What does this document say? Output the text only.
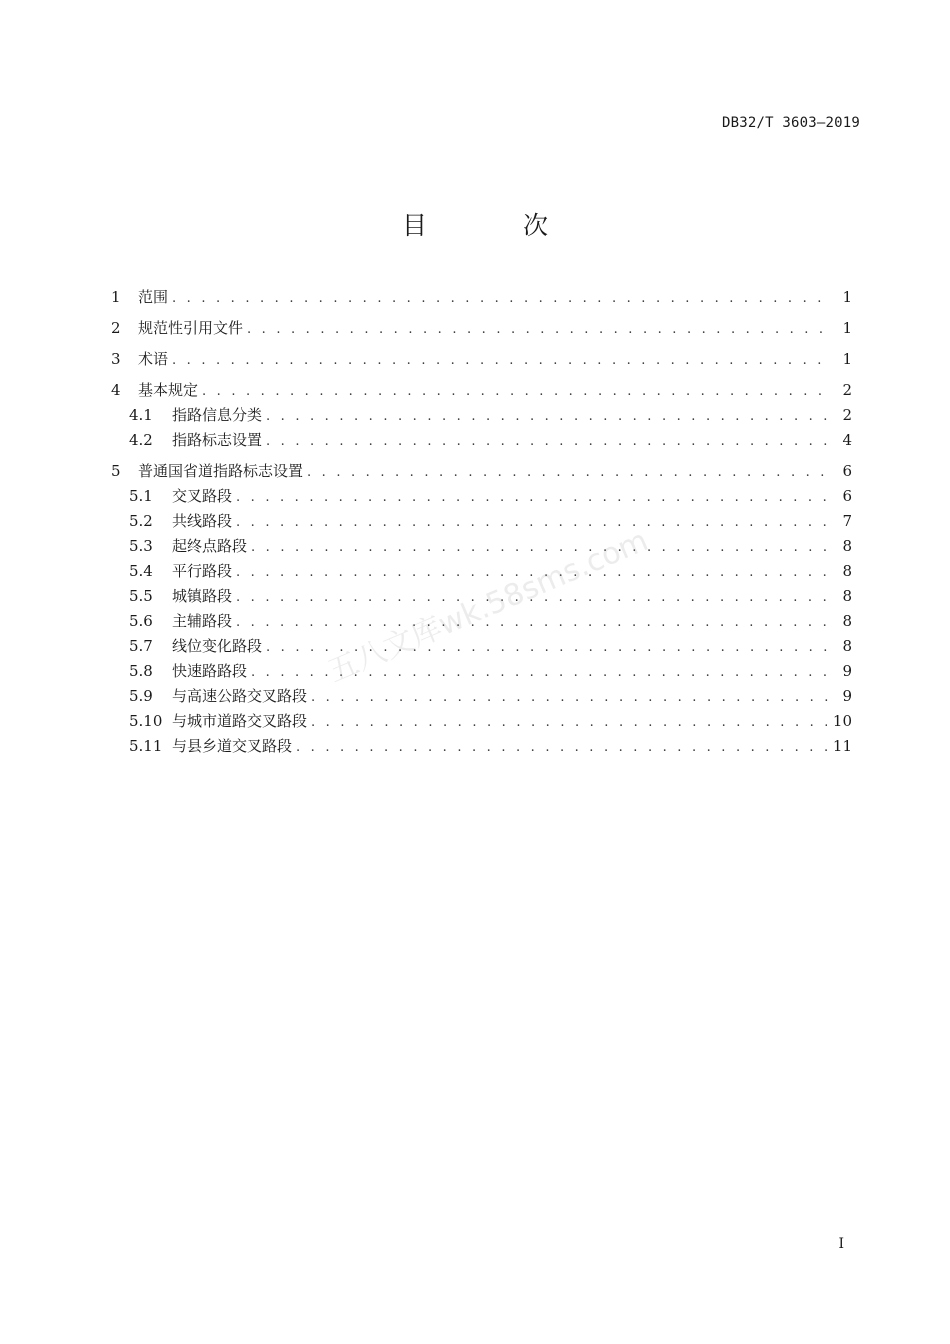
DB32/T 3603—2019
目 次
1	范围 . . .	1
2	规范性引用文件 . . .	1
3	术语 . . .	1
4	基本规定 . . .	2
4.1	指路信息分类 . . .	2
4.2	指路标志设置 . . .	4
5	普通国省道指路标志设置 . . .	6
5.1	交叉路段 . . .	6
5.2	共线路段 . . .	7
5.3	起终点路段 . . .	8
5.4	平行路段 . . .	8
5.5	城镇路段 . . .	8
5.6	主辅路段 . . .	8
5.7	线位变化路段 . . .	8
5.8	快速路路段 . . .	9
5.9	与高速公路交叉路段 . . .	9
5.10 与城市道路交叉路段 . . .	10
5.11 与县乡道交叉路段 . . .	11
五八文库wk.58sms.com
I
